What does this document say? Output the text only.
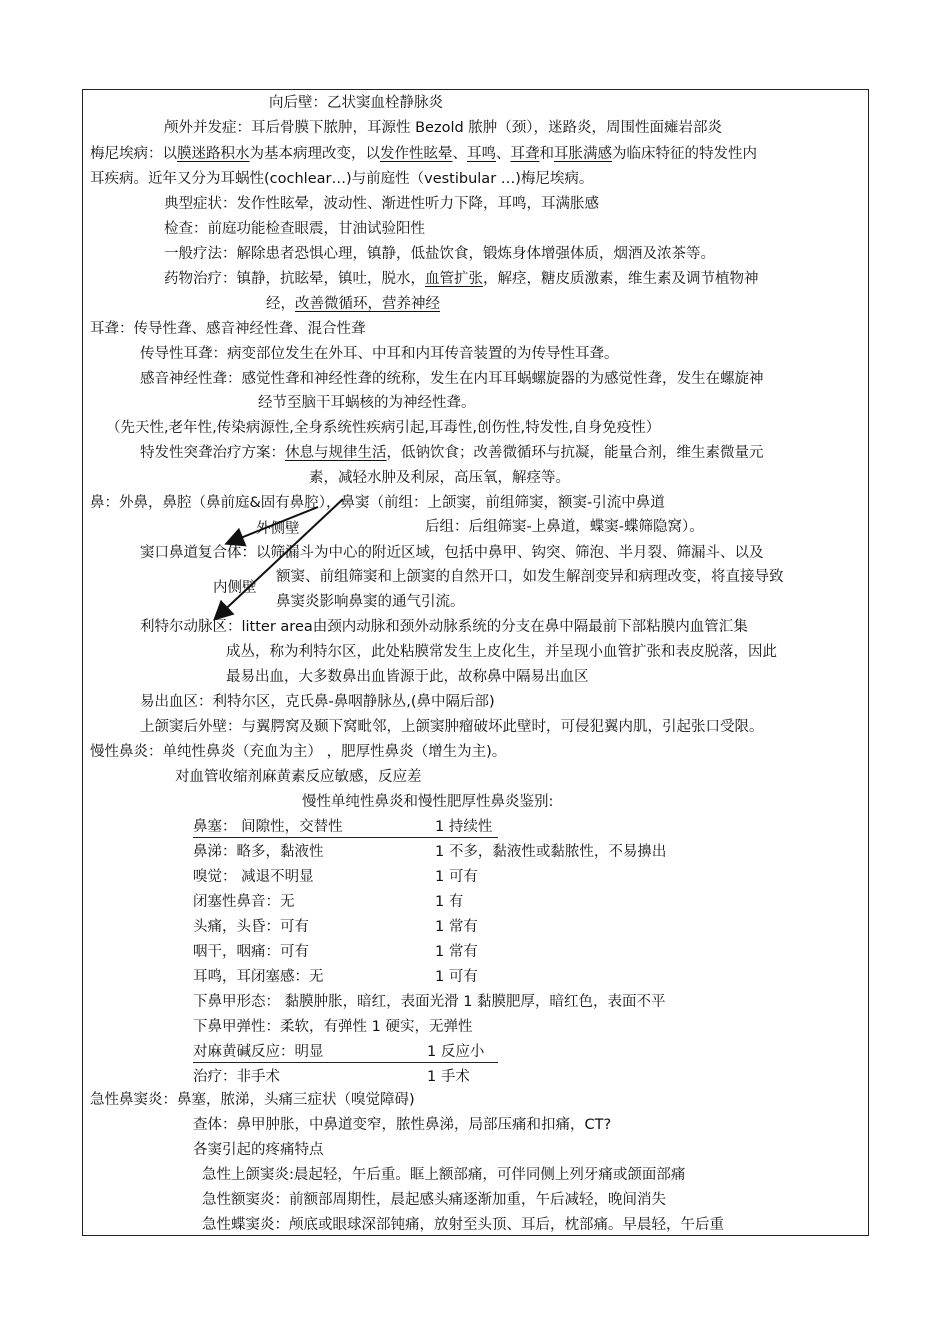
向后壁：乙状窦血栓静脉炎
颅外并发症：耳后骨膜下脓肿，耳源性 Bezold 脓肿（颈），迷路炎，周围性面瘫岩部炎
梅尼埃病：以膜迷路积水为基本病理改变，以发作性眩晕、耳鸣、耳聋和耳胀满感为临床特征的特发性内
耳疾病。近年又分为耳蜗性(cochlear…)与前庭性（vestibular …)梅尼埃病。
典型症状：发作性眩晕，波动性、渐进性听力下降，耳鸣，耳满胀感
检查：前庭功能检查眼震，甘油试验阳性
一般疗法：解除患者恐惧心理，镇静，低盐饮食，锻炼身体增强体质，烟酒及浓茶等。
药物治疗：镇静，抗眩晕，镇吐，脱水，血管扩张，解痉，糖皮质激素，维生素及调节植物神
经，改善微循环，营养神经
耳聋：传导性聋、感音神经性聋、混合性聋
传导性耳聋：病变部位发生在外耳、中耳和内耳传音装置的为传导性耳聋。
感音神经性聋：感觉性聋和神经性聋的统称，发生在内耳耳蜗螺旋器的为感觉性聋，发生在螺旋神
经节至脑干耳蜗核的为神经性聋。
（先天性,老年性,传染病源性,全身系统性疾病引起,耳毒性,创伤性,特发性,自身免疫性）
特发性突聋治疗方案：休息与规律生活，低钠饮食；改善微循环与抗凝，能量合剂，维生素微量元
素，减轻水肿及利尿，高压氧，解痉等。
鼻：外鼻，鼻腔（鼻前庭&固有鼻腔），鼻窦（前组：上颌窦，前组筛窦，额窦-引流中鼻道
外侧壁	后组：后组筛窦-上鼻道，蝶窦-蝶筛隐窝）。
窦口鼻道复合体：以筛漏斗为中心的附近区域，包括中鼻甲、钩突、筛泡、半月裂、筛漏斗、以及
内侧壁
额窦、前组筛窦和上颌窦的自然开口，如发生解剖变异和病理改变，将直接导致
鼻窦炎影响鼻窦的通气引流。
利特尔动脉区：litter area由颈内动脉和颈外动脉系统的分支在鼻中隔最前下部粘膜内血管汇集
成丛，称为利特尔区，此处粘膜常发生上皮化生，并呈现小血管扩张和表皮脱落，因此
最易出血，大多数鼻出血皆源于此，故称鼻中隔易出血区
易出血区：利特尔区，克氏鼻-鼻咽静脉丛,(鼻中隔后部)
上颌窦后外壁：与翼腭窝及颞下窝毗邻，上颌窦肿瘤破坏此壁时，可侵犯翼内肌，引起张口受限。
慢性鼻炎：单纯性鼻炎（充血为主） ，肥厚性鼻炎（增生为主)。
对血管收缩剂麻黄素反应敏感，反应差
慢性单纯性鼻炎和慢性肥厚性鼻炎鉴别:
鼻塞： 间隙性，交替性	1 持续性
鼻涕：略多，黏液性	1 不多，黏液性或黏脓性，不易擤出
嗅觉： 减退不明显	1 可有
闭塞性鼻音：无	1 有
头痛，头昏：可有	1 常有
咽干，咽痛：可有	1 常有
耳鸣，耳闭塞感：无	1 可有
下鼻甲形态： 黏膜肿胀，暗红，表面光滑 1 黏膜肥厚，暗红色，表面不平
下鼻甲弹性：柔软，有弹性 1 硬实，无弹性
对麻黄碱反应：明显	1 反应小
治疗：非手术	1 手术
急性鼻窦炎：鼻塞，脓涕，头痛三症状（嗅觉障碍)
查体：鼻甲肿胀，中鼻道变窄，脓性鼻涕，局部压痛和扣痛，CT?
各窦引起的疼痛特点
急性上颌窦炎:晨起轻，午后重。眶上额部痛，可伴同侧上列牙痛或颌面部痛
急性额窦炎：前额部周期性，晨起感头痛逐渐加重，午后减轻，晚间消失
急性蝶窦炎：颅底或眼球深部钝痛，放射至头顶、耳后，枕部痛。早晨轻，午后重
